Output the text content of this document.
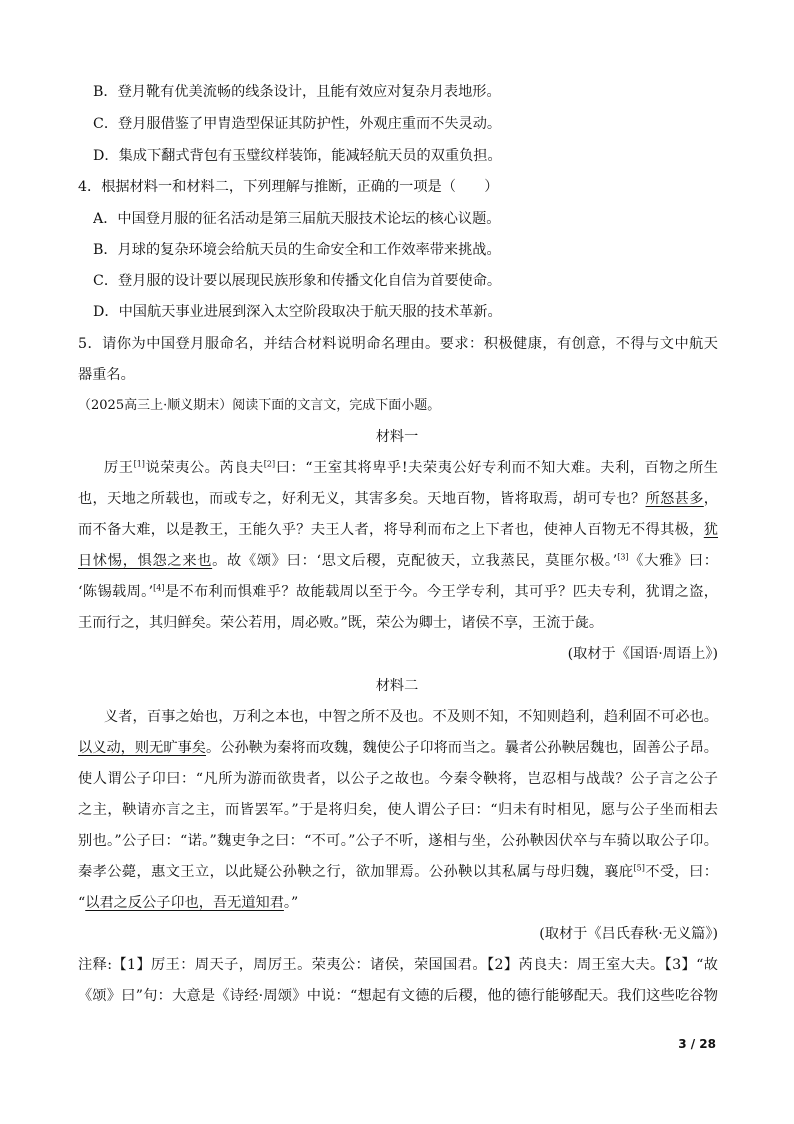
B．登月靴有优美流畅的线条设计，且能有效应对复杂月表地形。
C．登月服借鉴了甲胄造型保证其防护性，外观庄重而不失灵动。
D．集成下翻式背包有玉璧纹样装饰，能减轻航天员的双重负担。
4．根据材料一和材料二，下列理解与推断，正确的一项是（　　）
A．中国登月服的征名活动是第三届航天服技术论坛的核心议题。
B．月球的复杂环境会给航天员的生命安全和工作效率带来挑战。
C．登月服的设计要以展现民族形象和传播文化自信为首要使命。
D．中国航天事业进展到深入太空阶段取决于航天服的技术革新。
5．请你为中国登月服命名，并结合材料说明命名理由。要求：积极健康，有创意，不得与文中航天
器重名。
（2025高三上·顺义期末）阅读下面的文言文，完成下面小题。
材料一
厉王[1]说荣夷公。芮良夫[2]曰：“王室其将卑乎!夫荣夷公好专利而不知大难。夫利，百物之所生
也，天地之所载也，而或专之，好利无义，其害多矣。天地百物，皆将取焉，胡可专也？所怒甚多，
而不备大难，以是教王，王能久乎？夫王人者，将导利而布之上下者也，使神人百物无不得其极，犹
日怵惕，惧怨之来也。故《颂》曰：‘思文后稷，克配彼天，立我蒸民，莫匪尔极。’[3]《大雅》曰：
‘陈锡载周。’[4]是不布利而惧难乎？故能载周以至于今。今王学专利，其可乎？匹夫专利，犹谓之盗，
王而行之，其归鲜矣。荣公若用，周必败。”既，荣公为卿士，诸侯不享，王流于彘。
(取材于《国语·周语上》)
材料二
义者，百事之始也，万利之本也，中智之所不及也。不及则不知，不知则趋利，趋利固不可必也。
以义动，则无旷事矣。公孙鞅为秦将而攻魏，魏使公子卬将而当之。曩者公孙鞅居魏也，固善公子昂。
使人谓公子卬曰：“凡所为游而欲贵者，以公子之故也。今秦令鞅将，岂忍相与战哉？公子言之公子
之主，鞅请亦言之主，而皆罢军。”于是将归矣，使人谓公子曰：“归未有时相见，愿与公子坐而相去
别也。”公子曰：“诺。”魏吏争之曰：“不可。”公子不听，遂相与坐，公孙鞅因伏卒与车骑以取公子卬。
秦孝公薨，惠文王立，以此疑公孙鞅之行，欲加罪焉。公孙鞅以其私属与母归魏，襄庇[5]不受，曰：
“以君之反公子卬也，吾无道知君。”
(取材于《吕氏春秋·无义篇》)
注释:【1】厉王：周天子，周厉王。荣夷公：诸侯，荣国国君。【2】芮良夫：周王室大夫。【3】“故
《颂》曰”句：大意是《诗经·周颂》中说：“想起有文德的后稷，他的德行能够配天。我们这些吃谷物
3 / 28
